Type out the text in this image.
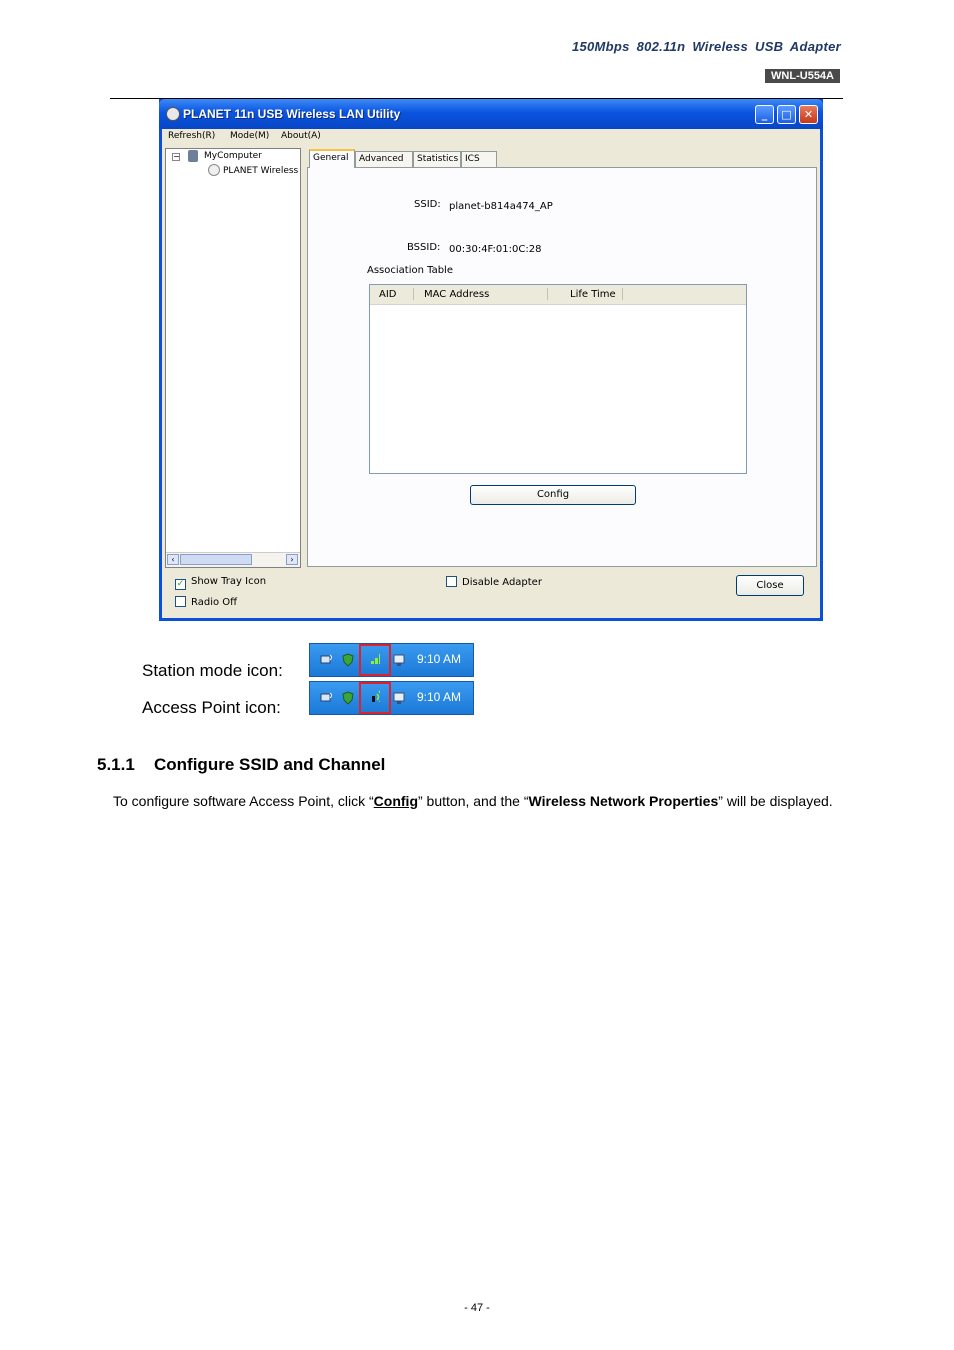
150Mbps 802.11n Wireless USB Adapter
WNL-U554A
PLANET 11n USB Wireless LAN Utility	_	□	✕
Refresh(R) Mode(M) About(A)
−	MyComputer
PLANET Wireless
‹	›
General	Advanced	Statistics ICS
SSID: planet-b814a474_AP
BSSID: 00:30:4F:01:0C:28
Association Table
AID	MAC Address	Life Time
Config
✓ Show Tray Icon
Radio Off
Disable Adapter	Close
Station mode icon:
9:10 AM
Access Point icon:
9:10 AM
5.1.1 Configure SSID and Channel
To configure software Access Point, click “Config” button, and the “Wireless Network Properties” will be displayed.
- 47 -
